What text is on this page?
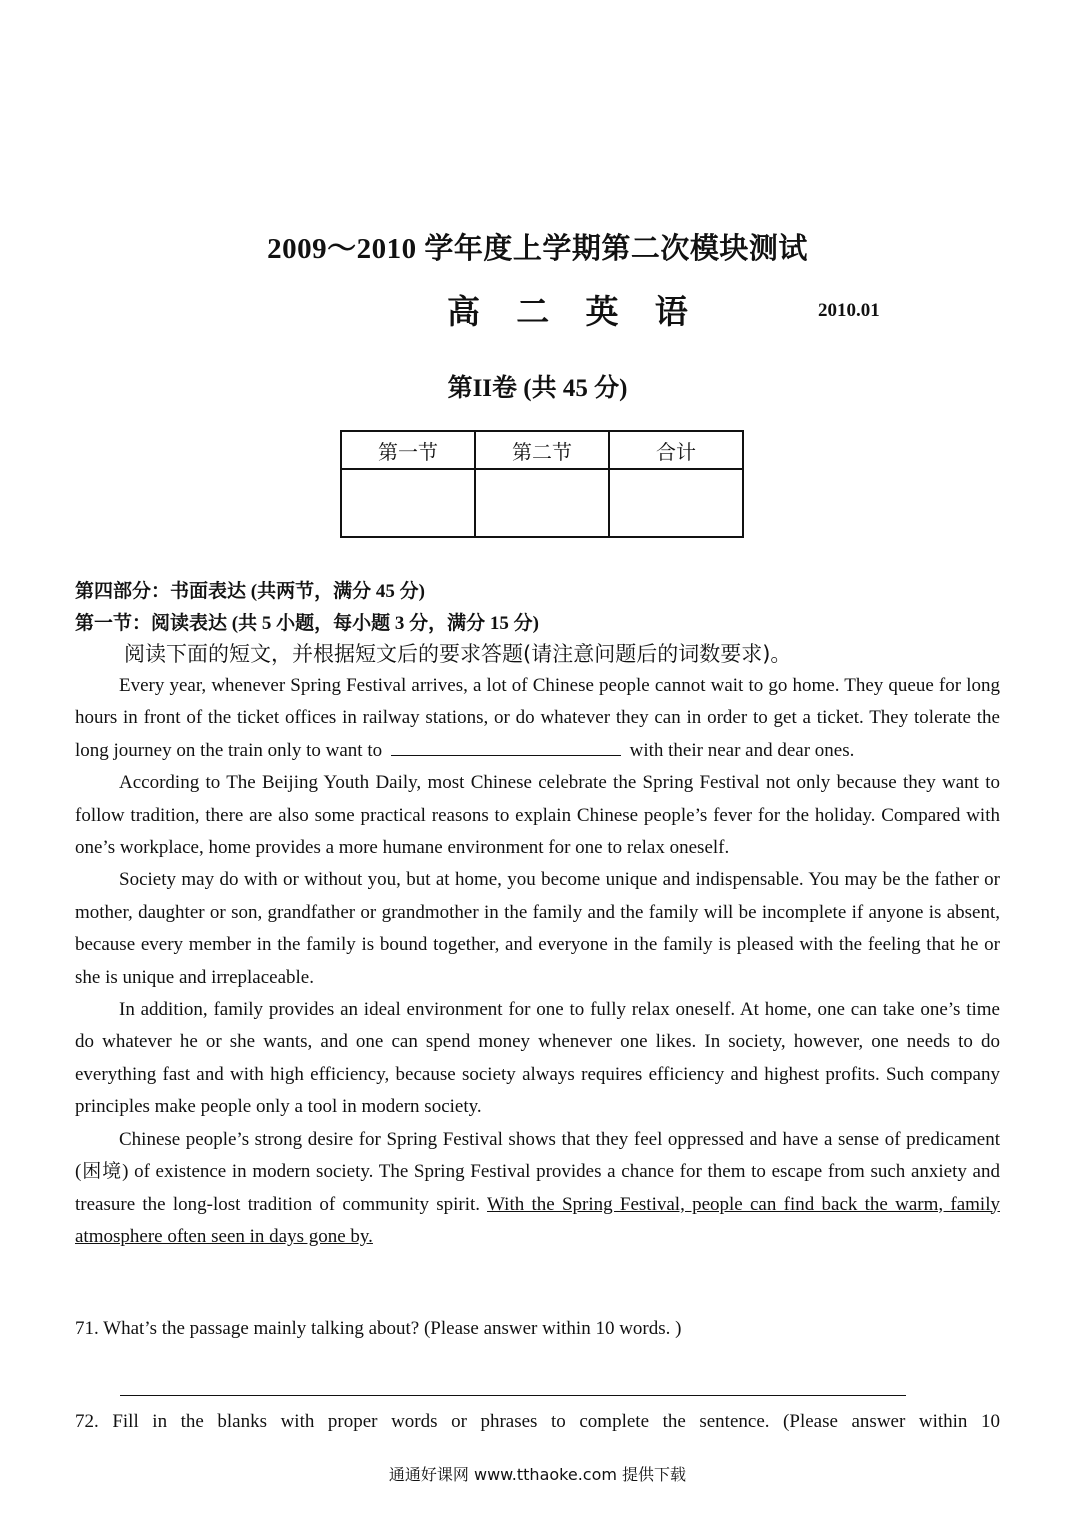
2009～2010 学年度上学期第二次模块测试
高 二 英 语	2010.01
第II卷 (共 45 分)
第一节	第二节	合计

第四部分：书面表达 (共两节，满分 45 分)
第一节：阅读表达 (共 5 小题，每小题 3 分，满分 15 分)
阅读下面的短文，并根据短文后的要求答题(请注意问题后的词数要求)。

Every year, whenever Spring Festival arrives, a lot of Chinese people cannot wait to go home. They queue for long hours in front of the ticket offices in railway stations, or do whatever they can in order to get a ticket. They tolerate the long journey on the train only to want to	with their near and dear ones.

According to The Beijing Youth Daily, most Chinese celebrate the Spring Festival not only because they want to follow tradition, there are also some practical reasons to explain Chinese people’s fever for the holiday. Compared with one’s workplace, home provides a more humane environment for one to relax oneself.

Society may do with or without you, but at home, you become unique and indispensable. You may be the father or mother, daughter or son, grandfather or grandmother in the family and the family will be incomplete if anyone is absent, because every member in the family is bound together, and everyone in the family is pleased with the feeling that he or she is unique and irreplaceable.

In addition, family provides an ideal environment for one to fully relax oneself. At home, one can take one’s time do whatever he or she wants, and one can spend money whenever one likes. In society, however, one needs to do everything fast and with high efficiency, because society always requires efficiency and highest profits. Such company principles make people only a tool in modern society.

Chinese people’s strong desire for Spring Festival shows that they feel oppressed and have a sense of predicament (困境) of existence in modern society. The Spring Festival provides a chance for them to escape from such anxiety and treasure the long-lost tradition of community spirit. With the Spring Festival, people can find back the warm, family atmosphere often seen in days gone by.

71. What’s the passage mainly talking about? (Please answer within 10 words. )
72. Fill in the blanks with proper words or phrases to complete the sentence. (Please answer within 10
通通好课网 www.tthaoke.com 提供下载
